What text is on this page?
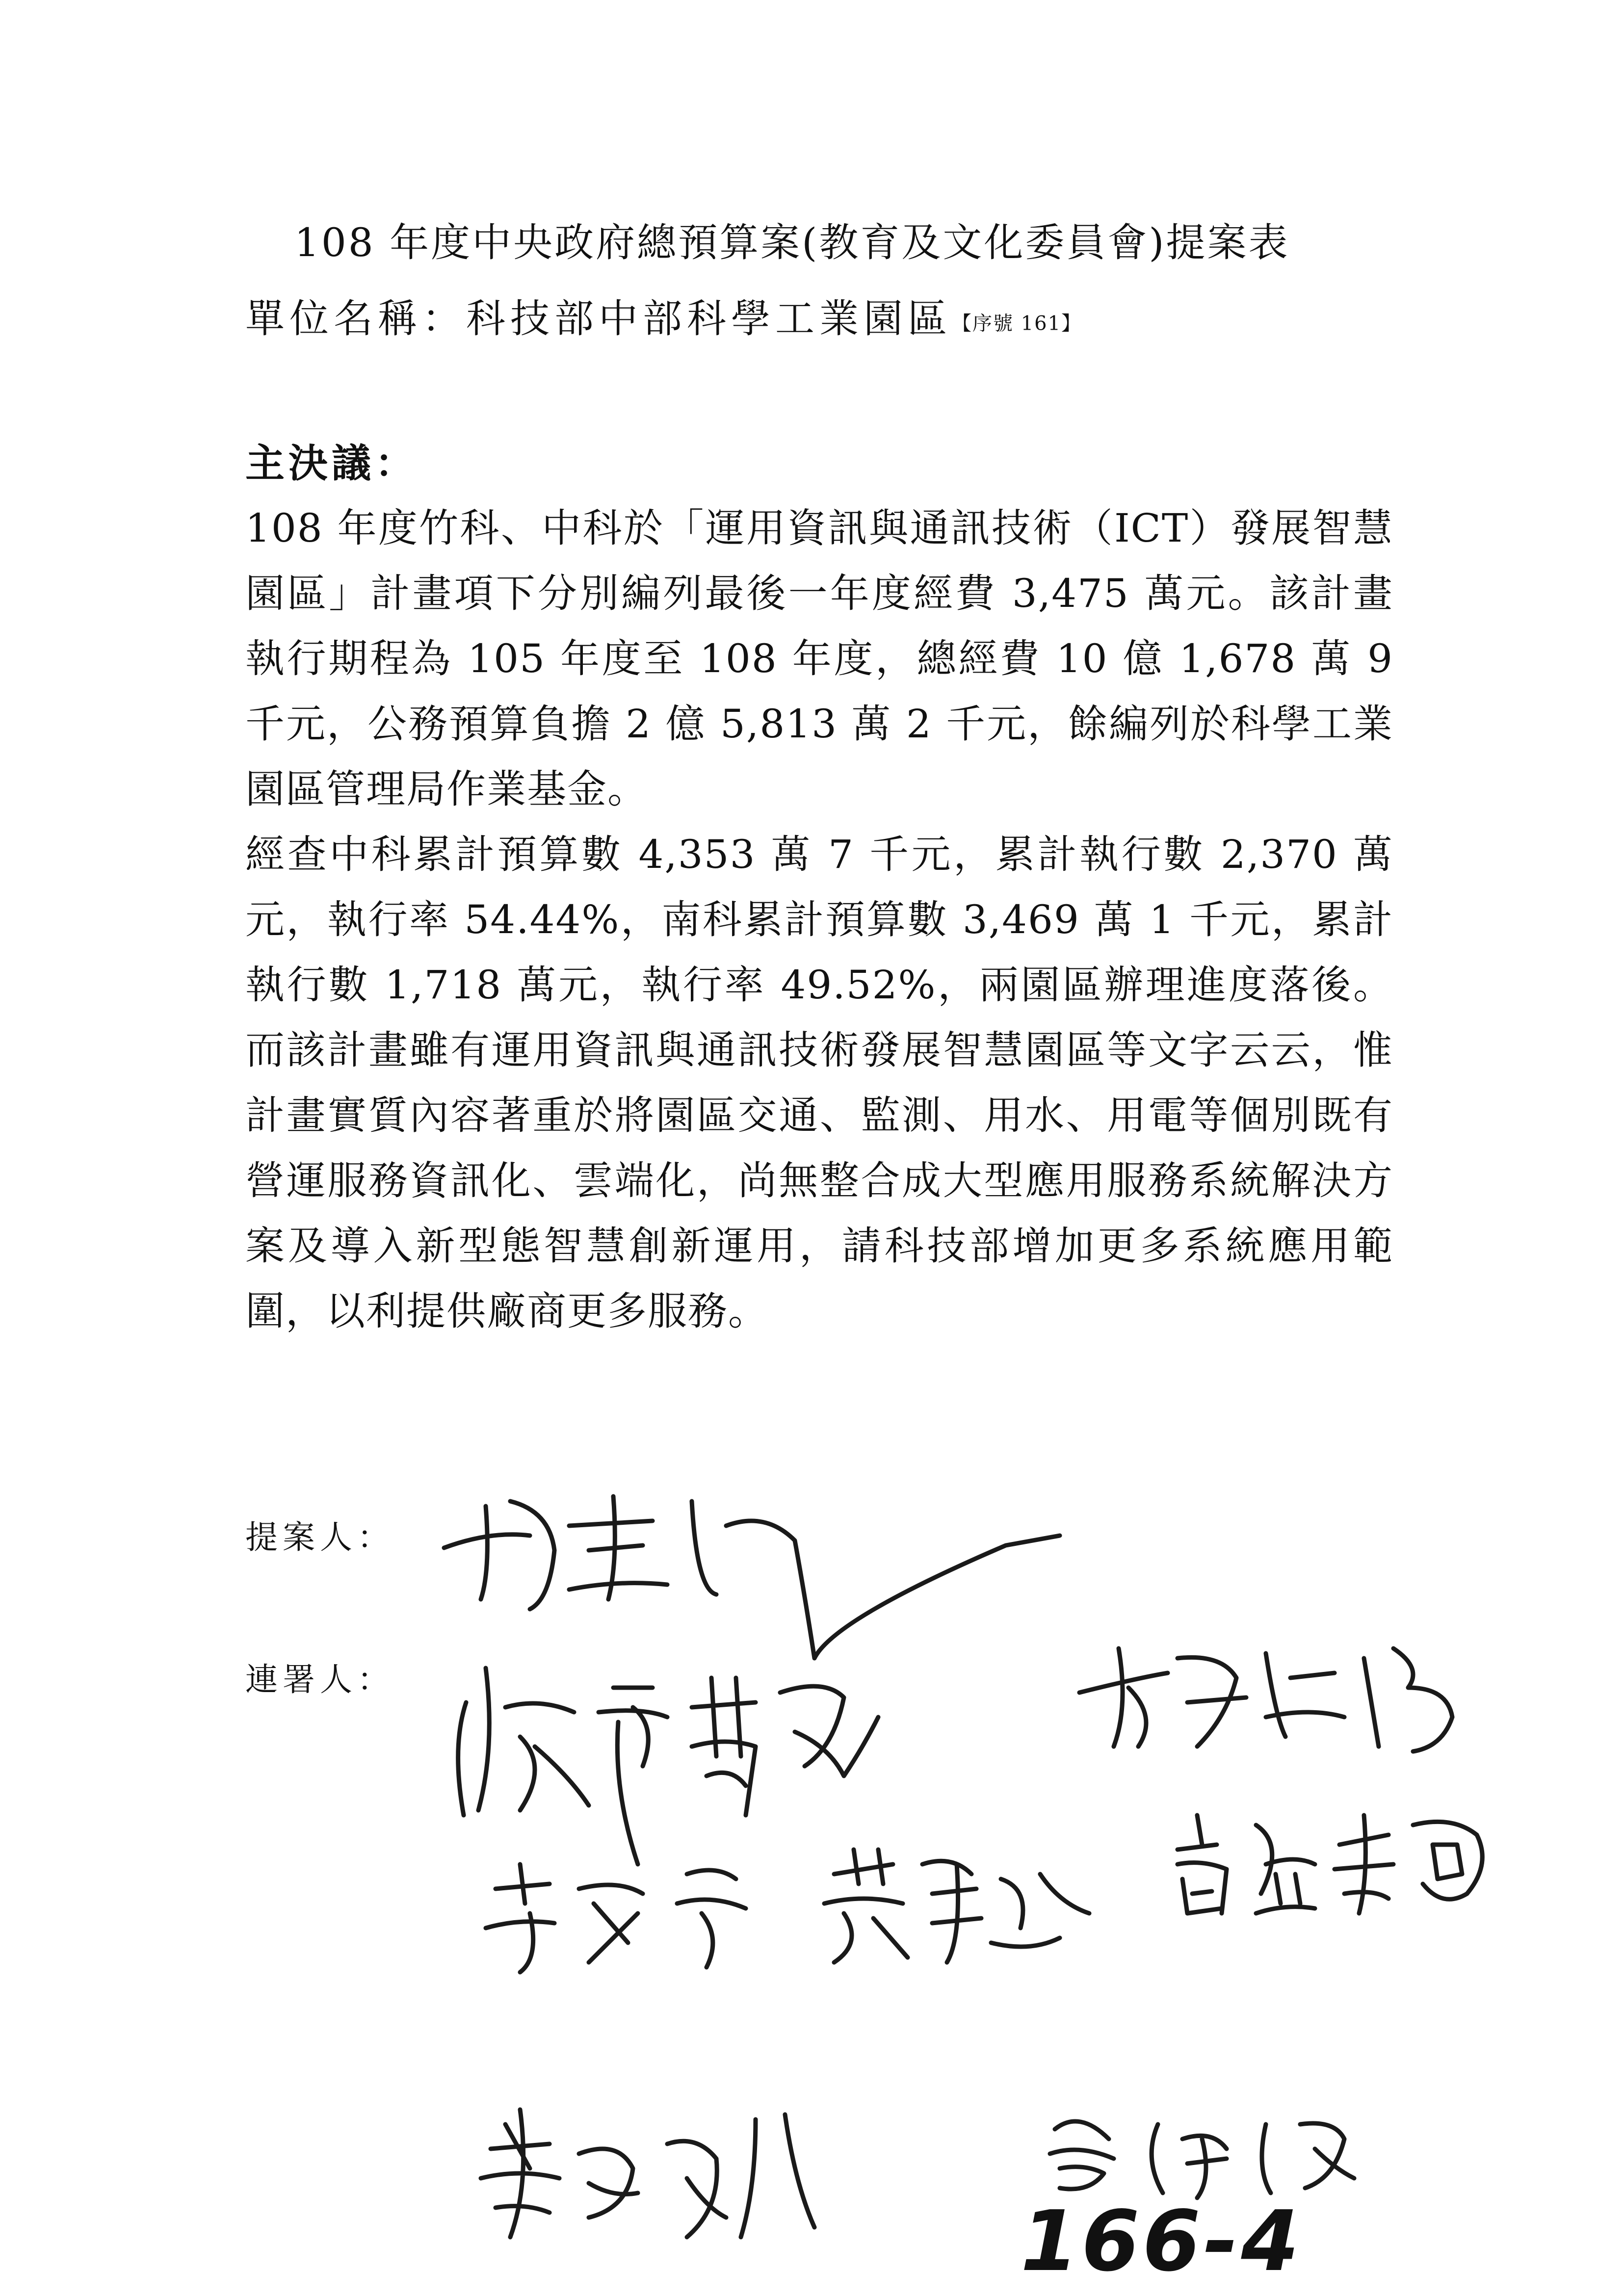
108 年度中央政府總預算案(教育及文化委員會)提案表
單位名稱：科技部中部科學工業園區【序號 161】
主決議：

108 年度竹科、中科於「運用資訊與通訊技術（ICT）發展智慧園區」計畫項下分別編列最後一年度經費 3,475 萬元。該計畫執行期程為 105 年度至 108 年度，總經費 10 億 1,678 萬 9 千元，公務預算負擔 2 億 5,813 萬 2 千元，餘編列於科學工業園區管理局作業基金。

經查中科累計預算數 4,353 萬 7 千元，累計執行數 2,370 萬元，執行率 54.44%，南科累計預算數 3,469 萬 1 千元，累計執行數 1,718 萬元，執行率 49.52%，兩園區辦理進度落後。而該計畫雖有運用資訊與通訊技術發展智慧園區等文字云云，惟計畫實質內容著重於將園區交通、監測、用水、用電等個別既有營運服務資訊化、雲端化，尚無整合成大型應用服務系統解決方案及導入新型態智慧創新運用，請科技部增加更多系統應用範圍，以利提供廠商更多服務。

提案人：
連署人：
166-4
